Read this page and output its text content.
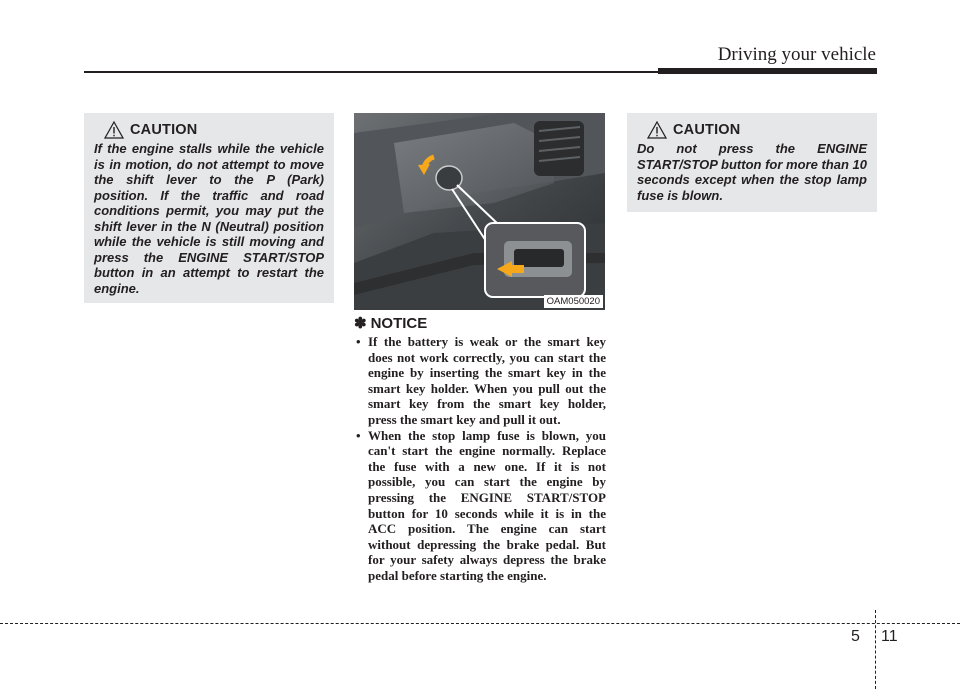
Driving your vehicle
CAUTION
If the engine stalls while the vehicle is in motion, do not attempt to move the shift lever to the P (Park) position. If the traffic and road conditions permit, you may put the shift lever in the N (Neutral) position while the vehicle is still moving and press the ENGINE START/STOP button in an attempt to restart the engine.
OAM050020
✽ NOTICE
• If the battery is weak or the smart key does not work correctly, you can start the engine by inserting the smart key in the smart key holder. When you pull out the smart key from the smart key holder, press the smart key and pull it out.
• When the stop lamp fuse is blown, you can't start the engine normally. Replace the fuse with a new one. If it is not possible, you can start the engine by pressing the ENGINE START/STOP button for 10 seconds while it is in the ACC position. The engine can start without depressing the brake pedal. But for your safety always depress the brake pedal before starting the engine.
CAUTION
Do not press the ENGINE START/STOP button for more than 10 seconds except when the stop lamp fuse is blown.
5 11
